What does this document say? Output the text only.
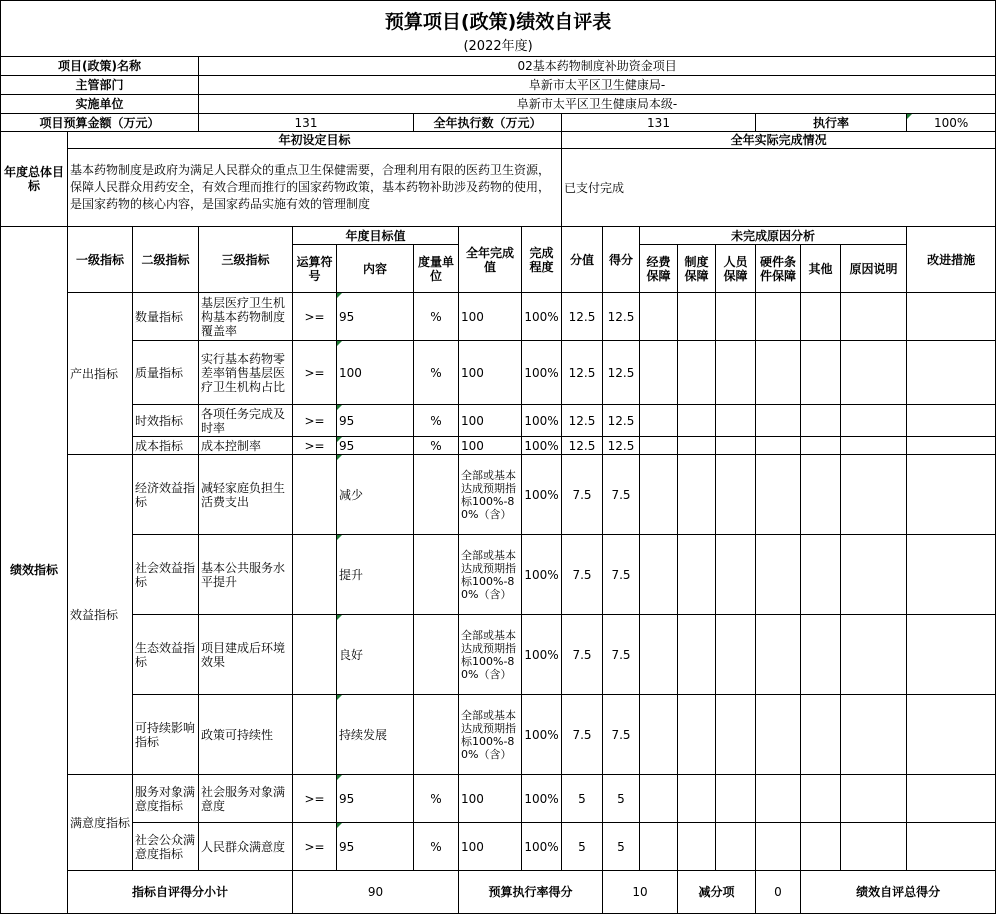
预算项目(政策)绩效自评表																		

(2022年度)																		

项目(政策)名称			02基本药物制度补助资金项目															
主管部门			阜新市太平区卫生健康局-															
实施单位			阜新市太平区卫生健康局本级-															
项目预算金额（万元）			131			全年执行数（万元）			131					执行率			100%	
年度总体目标	年初设定目标								全年实际完成情况									
	基本药物制度是政府为满足人民群众的重点卫生保健需要，合理利用有限的医药卫生资源，保障人民群众用药安全，有效合理而推行的国家药物政策，基本药物补助涉及药物的使用，是国家药物的核心内容，是国家药品实施有效的管理制度								已支付完成									
绩效指标	一级指标	二级指标	三级指标	年度目标值			全年完成值	完成程度	分值	得分	未完成原因分析						改进措施	
				运算符号	内容	度量单位					经费保障	制度保障	人员保障	硬件条件保障	其他	原因说明		
	产出指标	数量指标	基层医疗卫生机构基本药物制度覆盖率	>=	95	%	100	100%	12.5	12.5								
		质量指标	实行基本药物零差率销售基层医疗卫生机构占比	>=	100	%	100	100%	12.5	12.5								
		时效指标	各项任务完成及时率	>=	95	%	100	100%	12.5	12.5								
		成本指标	成本控制率	>=	95	%	100	100%	12.5	12.5								
	效益指标	经济效益指标	减轻家庭负担生活费支出		减少		全部或基本达成预期指标100%-80%（含）	100%	7.5	7.5								
		社会效益指标	基本公共服务水平提升		提升		全部或基本达成预期指标100%-80%（含）	100%	7.5	7.5								
		生态效益指标	项目建成后环境效果		良好		全部或基本达成预期指标100%-80%（含）	100%	7.5	7.5								
		可持续影响指标	政策可持续性		持续发展		全部或基本达成预期指标100%-80%（含）	100%	7.5	7.5								
	满意度指标	服务对象满意度指标	社会服务对象满意度	>=	95	%	100	100%	5	5								
		社会公众满意度指标	人民群众满意度	>=	95	%	100	100%	5	5								
	指标自评得分小计			90			预算执行率得分			10		减分项		0	绩效自评总得分	
